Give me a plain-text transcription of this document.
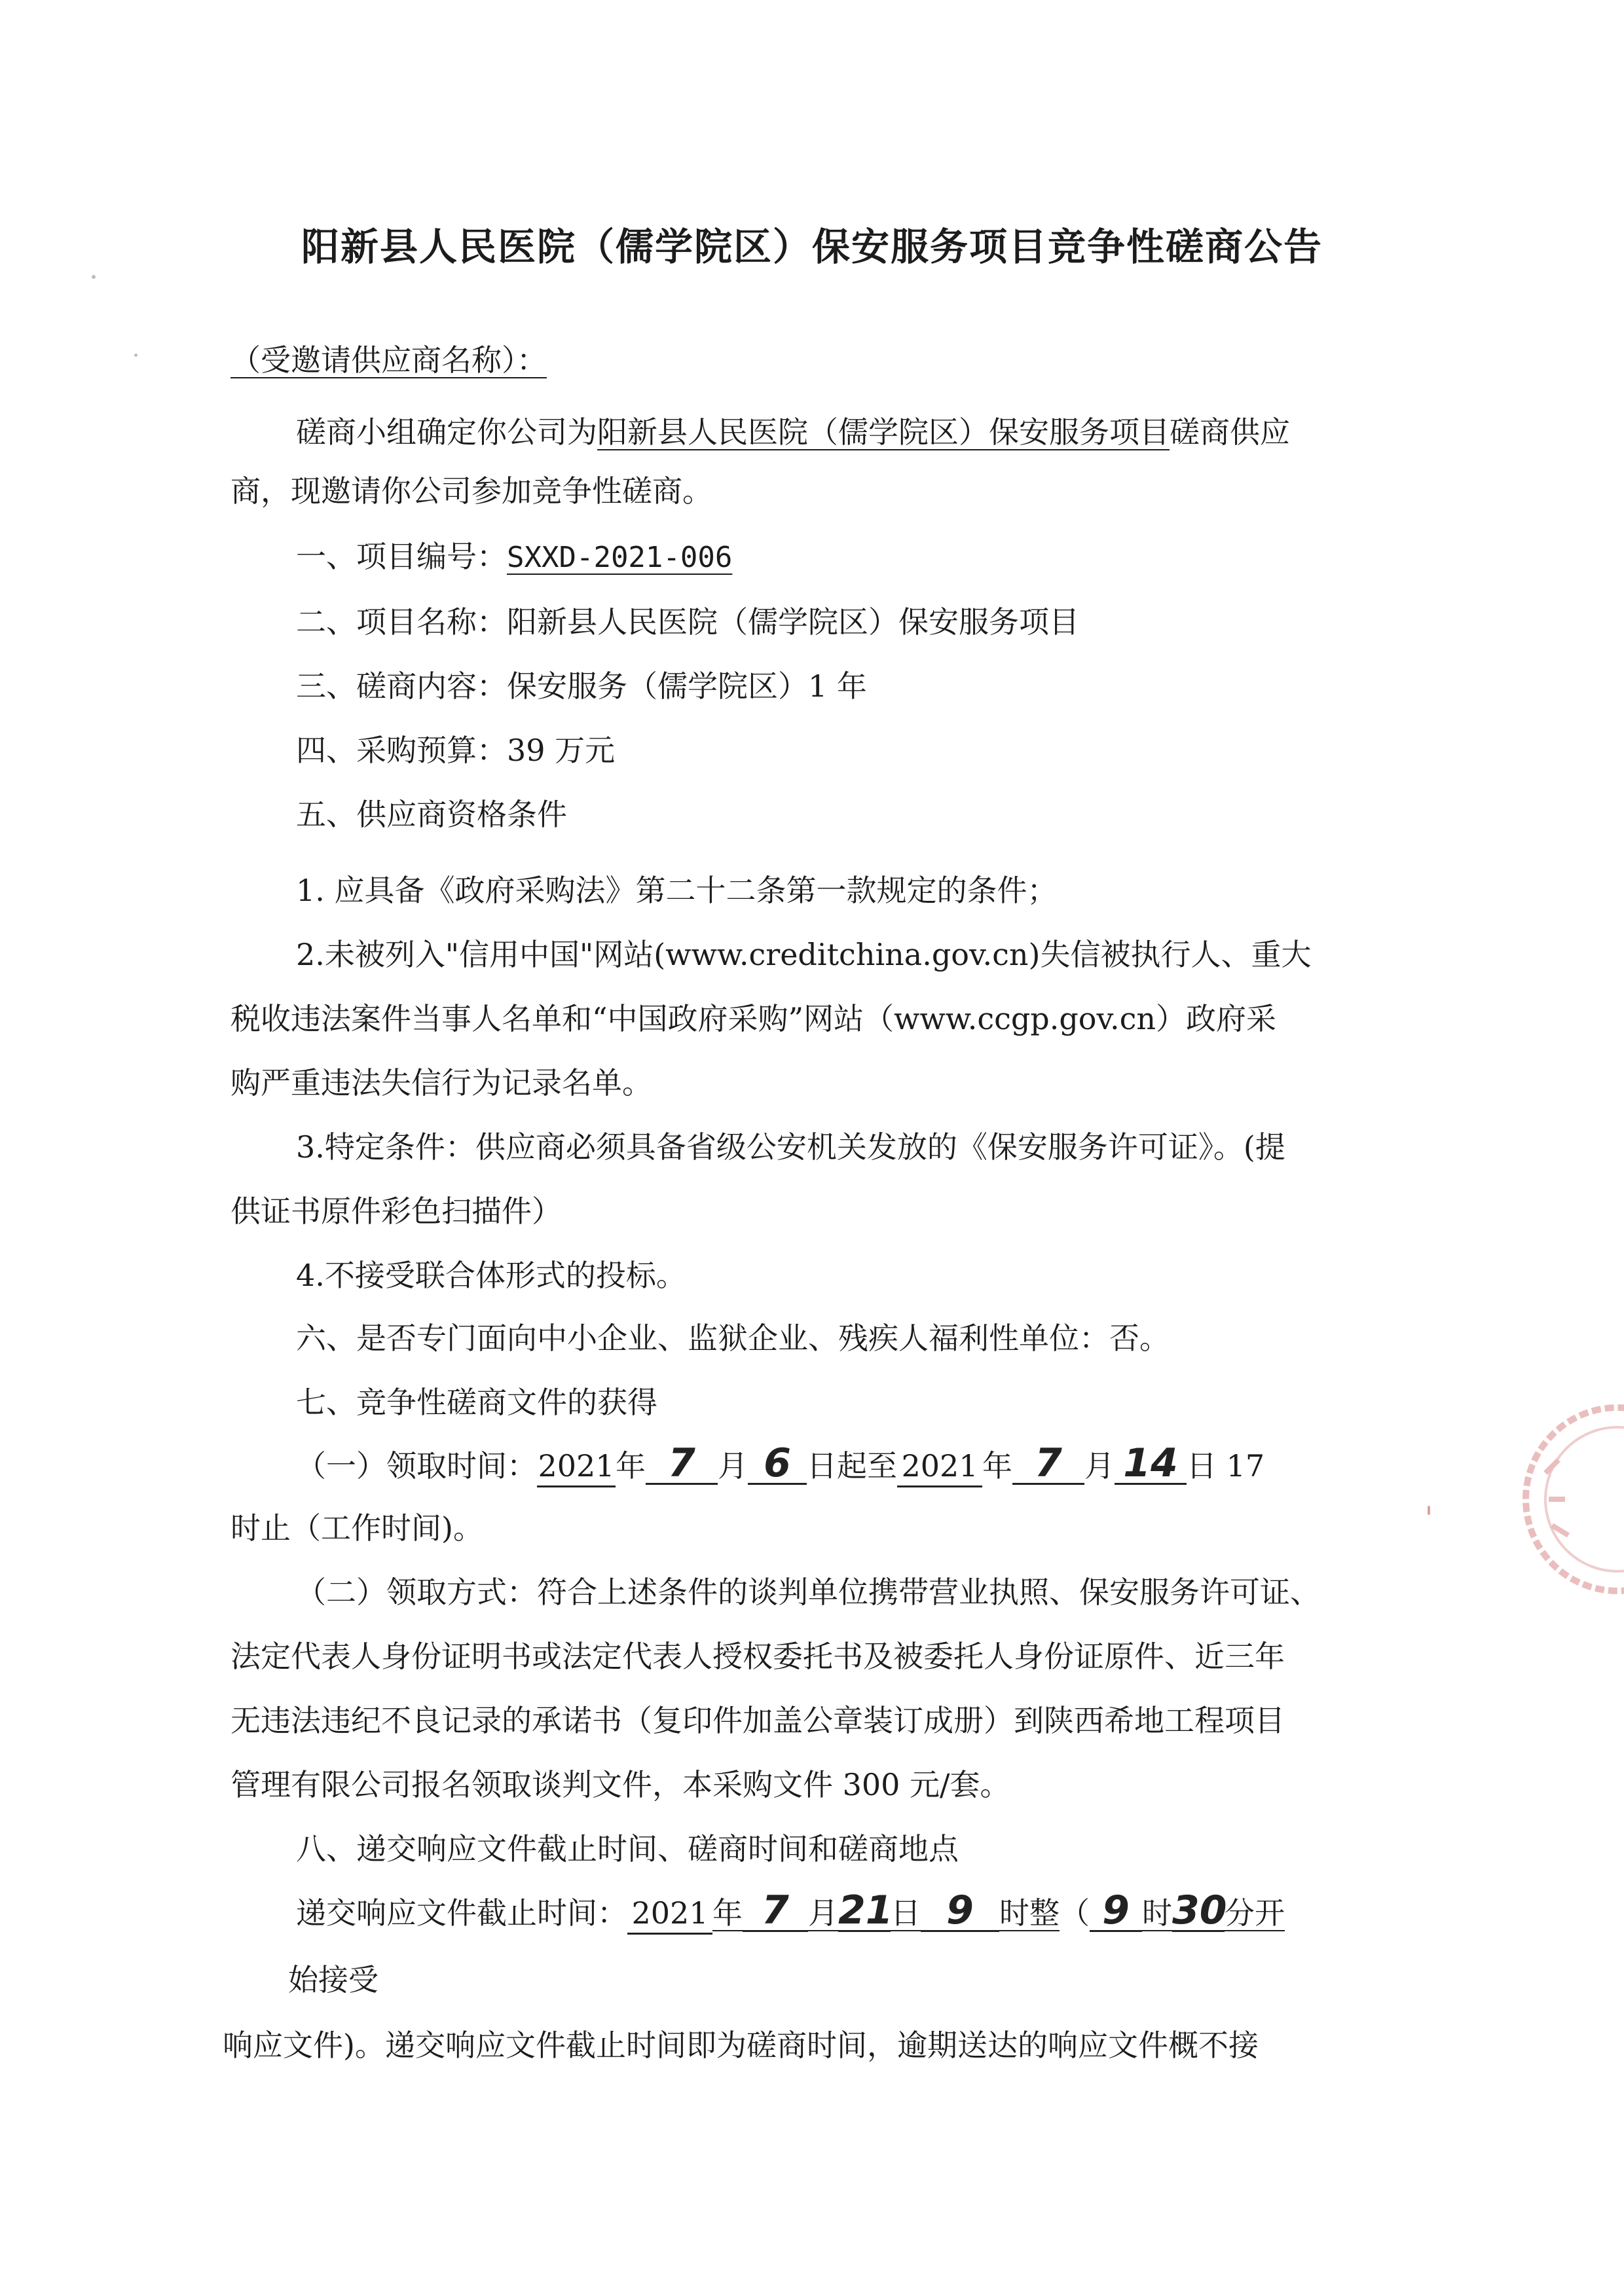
阳新县人民医院（儒学院区）保安服务项目竞争性磋商公告
（受邀请供应商名称）：
磋商小组确定你公司为阳新县人民医院（儒学院区）保安服务项目磋商供应
商，现邀请你公司参加竞争性磋商。
一、项目编号：SXXD-2021-006
二、项目名称：阳新县人民医院（儒学院区）保安服务项目
三、磋商内容：保安服务（儒学院区）1 年
四、采购预算：39 万元
五、供应商资格条件
1. 应具备《政府采购法》第二十二条第一款规定的条件；
2.未被列入"信用中国"网站(www.creditchina.gov.cn)失信被执行人、重大
税收违法案件当事人名单和“中国政府采购”网站（www.ccgp.gov.cn）政府采
购严重违法失信行为记录名单。
3.特定条件：供应商必须具备省级公安机关发放的《保安服务许可证》。(提
供证书原件彩色扫描件）
4.不接受联合体形式的投标。
六、是否专门面向中小企业、监狱企业、残疾人福利性单位：否。
七、竞争性磋商文件的获得
（一）领取时间：2021年 7 月 6 日起至 2021 年 7 月 14 日 17
时止（工作时间)。
（二）领取方式：符合上述条件的谈判单位携带营业执照、保安服务许可证、
法定代表人身份证明书或法定代表人授权委托书及被委托人身份证原件、近三年
无违法违纪不良记录的承诺书（复印件加盖公章装订成册）到陕西希地工程项目
管理有限公司报名领取谈判文件，本采购文件 300 元/套。
八、递交响应文件截止时间、磋商时间和磋商地点
递交响应文件截止时间： 2021 年 7 月21日 9 时整（ 9 时30分开
始接受
响应文件)。递交响应文件截止时间即为磋商时间，逾期送达的响应文件概不接
